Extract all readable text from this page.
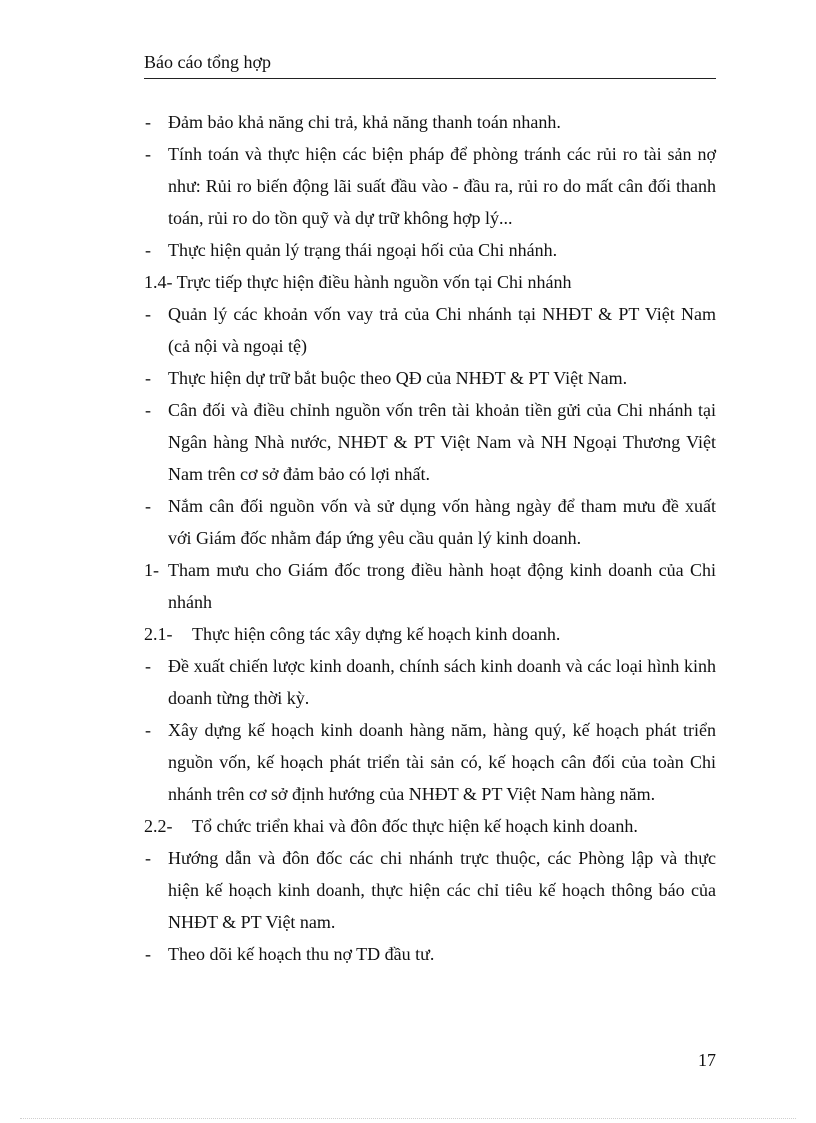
Báo cáo tổng hợp
- Đảm bảo khả năng chi trả, khả năng thanh toán nhanh.
- Tính toán và thực hiện các biện pháp để phòng tránh các rủi ro tài sản nợ như: Rủi ro biến động lãi suất đầu vào - đầu ra, rủi ro do mất cân đối thanh toán, rủi ro do tồn quỹ và dự trữ không hợp lý...
- Thực hiện quản lý trạng thái ngoại hối của Chi nhánh.
1.4- Trực tiếp thực hiện điều hành nguồn vốn tại Chi nhánh
- Quản lý các khoản vốn vay trả của Chi nhánh tại NHĐT & PT Việt Nam (cả nội và ngoại tệ)
- Thực hiện dự trữ bắt buộc theo QĐ của NHĐT & PT Việt Nam.
- Cân đối và điều chỉnh nguồn vốn trên tài khoản tiền gửi của Chi nhánh tại Ngân hàng Nhà nước, NHĐT & PT Việt Nam và NH Ngoại Thương Việt Nam trên cơ sở đảm bảo có lợi nhất.
- Nắm cân đối nguồn vốn và sử dụng vốn hàng ngày để tham mưu đề xuất với Giám đốc nhằm đáp ứng yêu cầu quản lý kinh doanh.
1- Tham mưu cho Giám đốc trong điều hành hoạt động kinh doanh của Chi nhánh
2.1-	Thực hiện công tác xây dựng kế hoạch kinh doanh.
- Đề xuất chiến lược kinh doanh, chính sách kinh doanh và các loại hình kinh doanh từng thời kỳ.
- Xây dựng kế hoạch kinh doanh hàng năm, hàng quý, kế hoạch phát triển nguồn vốn, kế hoạch phát triển tài sản có, kế hoạch cân đối của toàn Chi nhánh trên cơ sở định hướng của NHĐT & PT Việt Nam hàng năm.
2.2-	Tổ chức triển khai và đôn đốc thực hiện kế hoạch kinh doanh.
- Hướng dẫn và đôn đốc các chi nhánh trực thuộc, các Phòng lập và thực hiện kế hoạch kinh doanh, thực hiện các chỉ tiêu kế hoạch thông báo của NHĐT & PT Việt nam.
- Theo dõi kế hoạch thu nợ TD đầu tư.
17
